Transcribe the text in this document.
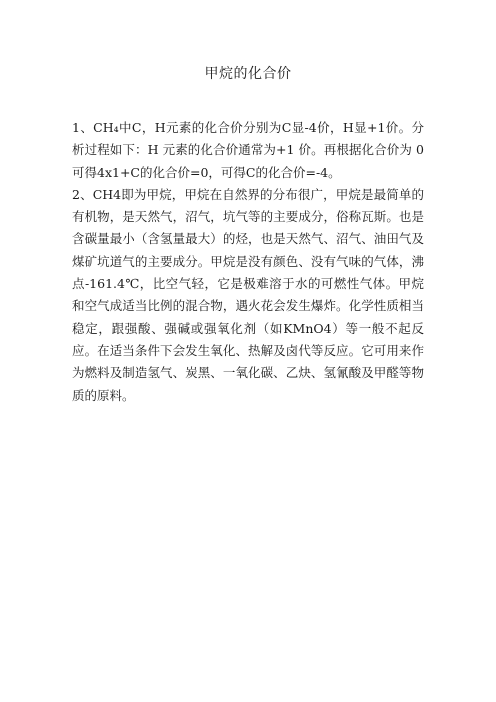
甲烷的化合价

1、CH₄中C，H元素的化合价分别为C显-4价，H显+1价。分析过程如下：H 元素的化合价通常为+1 价。再根据化合价为 0可得4x1+C的化合价=0，可得C的化合价=-4。

2、CH4即为甲烷，甲烷在自然界的分布很广，甲烷是最简单的有机物，是天然气，沼气，坑气等的主要成分，俗称瓦斯。也是含碳量最小（含氢量最大）的烃，也是天然气、沼气、油田气及煤矿坑道气的主要成分。甲烷是没有颜色、没有气味的气体，沸点-161.4℃，比空气轻，它是极难溶于水的可燃性气体。甲烷和空气成适当比例的混合物，遇火花会发生爆炸。化学性质相当稳定，跟强酸、强碱或强氧化剂（如KMnO4）等一般不起反应。在适当条件下会发生氧化、热解及卤代等反应。它可用来作为燃料及制造氢气、炭黑、一氧化碳、乙炔、氢氰酸及甲醛等物质的原料。
